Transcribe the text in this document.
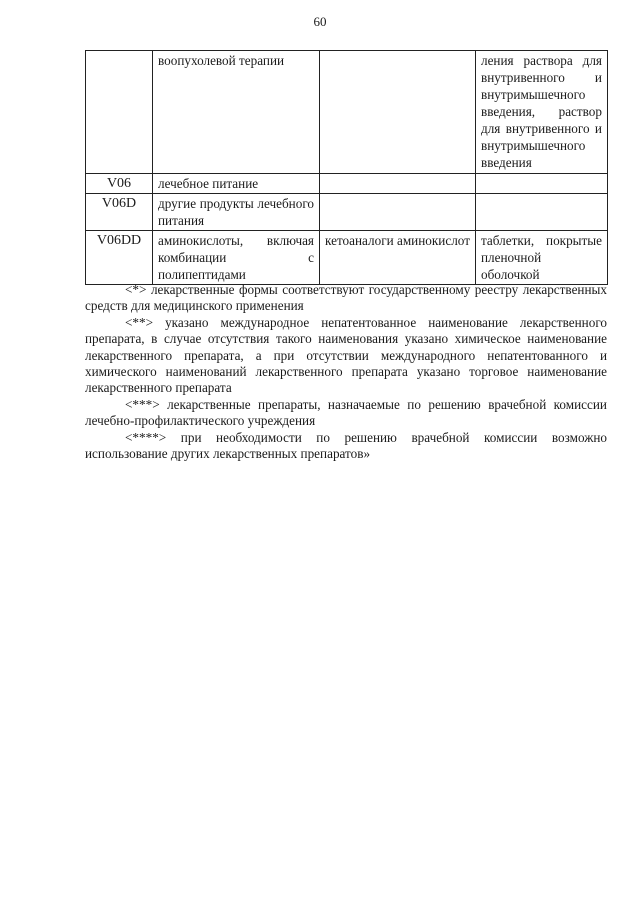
60
	воопухолевой терапии		ления раствора для внутривенного и внутримышечного введения, раствор для внутривенного и внутримышечного введения
V06	лечебное питание		
V06D	другие продукты лечебного питания		
V06DD	аминокислоты, включая комбинации с полипептидами	кетоаналоги аминокислот	таблетки, покрытые пленочной оболочкой

<*> лекарственные формы соответствуют государственному реестру лекарственных средств для медицинского применения

<**> указано международное непатентованное наименование лекарственного препарата, в случае отсутствия такого наименования указано химическое наименование лекарственного препарата, а при отсутствии международного непатентованного и химического наименований лекарственного препарата указано торговое наименование лекарственного препарата

<***> лекарственные препараты, назначаемые по решению врачебной комиссии лечебно-профилактического учреждения

<****> при необходимости по решению врачебной комиссии возможно использование других лекарственных препаратов»
